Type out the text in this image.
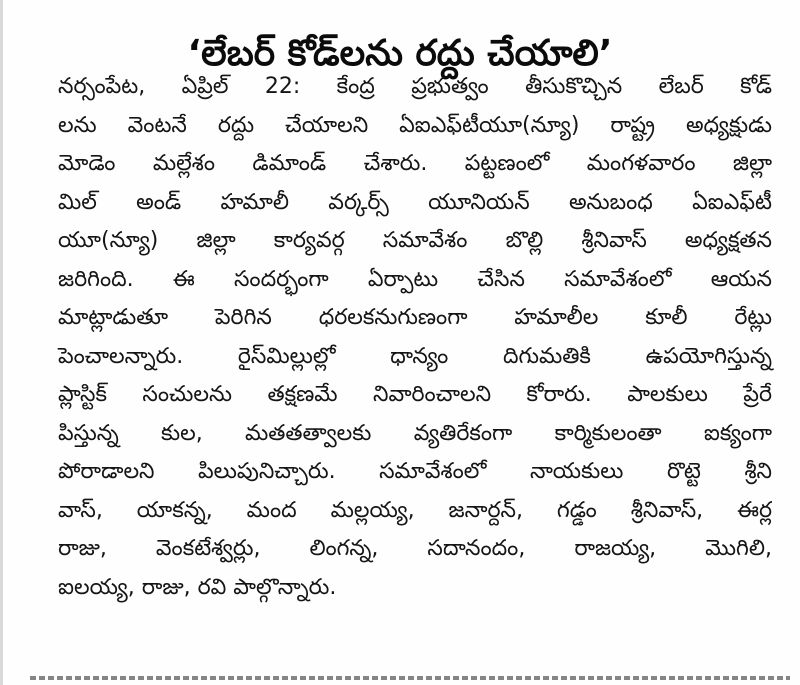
‘లేబర్ కోడ్‌లను రద్దు చేయాలి’
నర్సంపేట, ఏప్రిల్ 22: కేంద్ర ప్రభుత్వం తీసుకొచ్చిన లేబర్ కోడ్
లను వెంటనే రద్దు చేయాలని ఏఐఎఫ్‌టీయూ(న్యూ) రాష్ట్ర అధ్యక్షుడు
మోడెం మల్లేశం డిమాండ్ చేశారు. పట్టణంలో మంగళవారం జిల్లా
మిల్ అండ్ హమాలీ వర్కర్స్ యూనియన్ అనుబంధ ఏఐఎఫ్‌టీ
యూ(న్యూ) జిల్లా కార్యవర్గ సమావేశం బొల్లి శ్రీనివాస్ అధ్యక్షతన
జరిగింది. ఈ సందర్భంగా ఏర్పాటు చేసిన సమావేశంలో ఆయన
మాట్లాడుతూ పెరిగిన ధరలకనుగుణంగా హమాలీల కూలీ రేట్లు
పెంచాలన్నారు. రైస్‌మిల్లుల్లో ధాన్యం దిగుమతికి ఉపయోగిస్తున్న
ప్లాస్టిక్ సంచులను తక్షణమే నివారించాలని కోరారు. పాలకులు ప్రేరే
పిస్తున్న కుల, మతతత్వాలకు వ్యతిరేకంగా కార్మికులంతా ఐక్యంగా
పోరాడాలని పిలుపునిచ్చారు. సమావేశంలో నాయకులు రొట్టె శ్రీని
వాస్, యాకన్న, మంద మల్లయ్య, జనార్దన్, గడ్డం శ్రీనివాస్, ఈర్ల
రాజు, వెంకటేశ్వర్లు, లింగన్న, సదానందం, రాజయ్య, మొగిలి,
ఐలయ్య, రాజు, రవి పాల్గొన్నారు.
